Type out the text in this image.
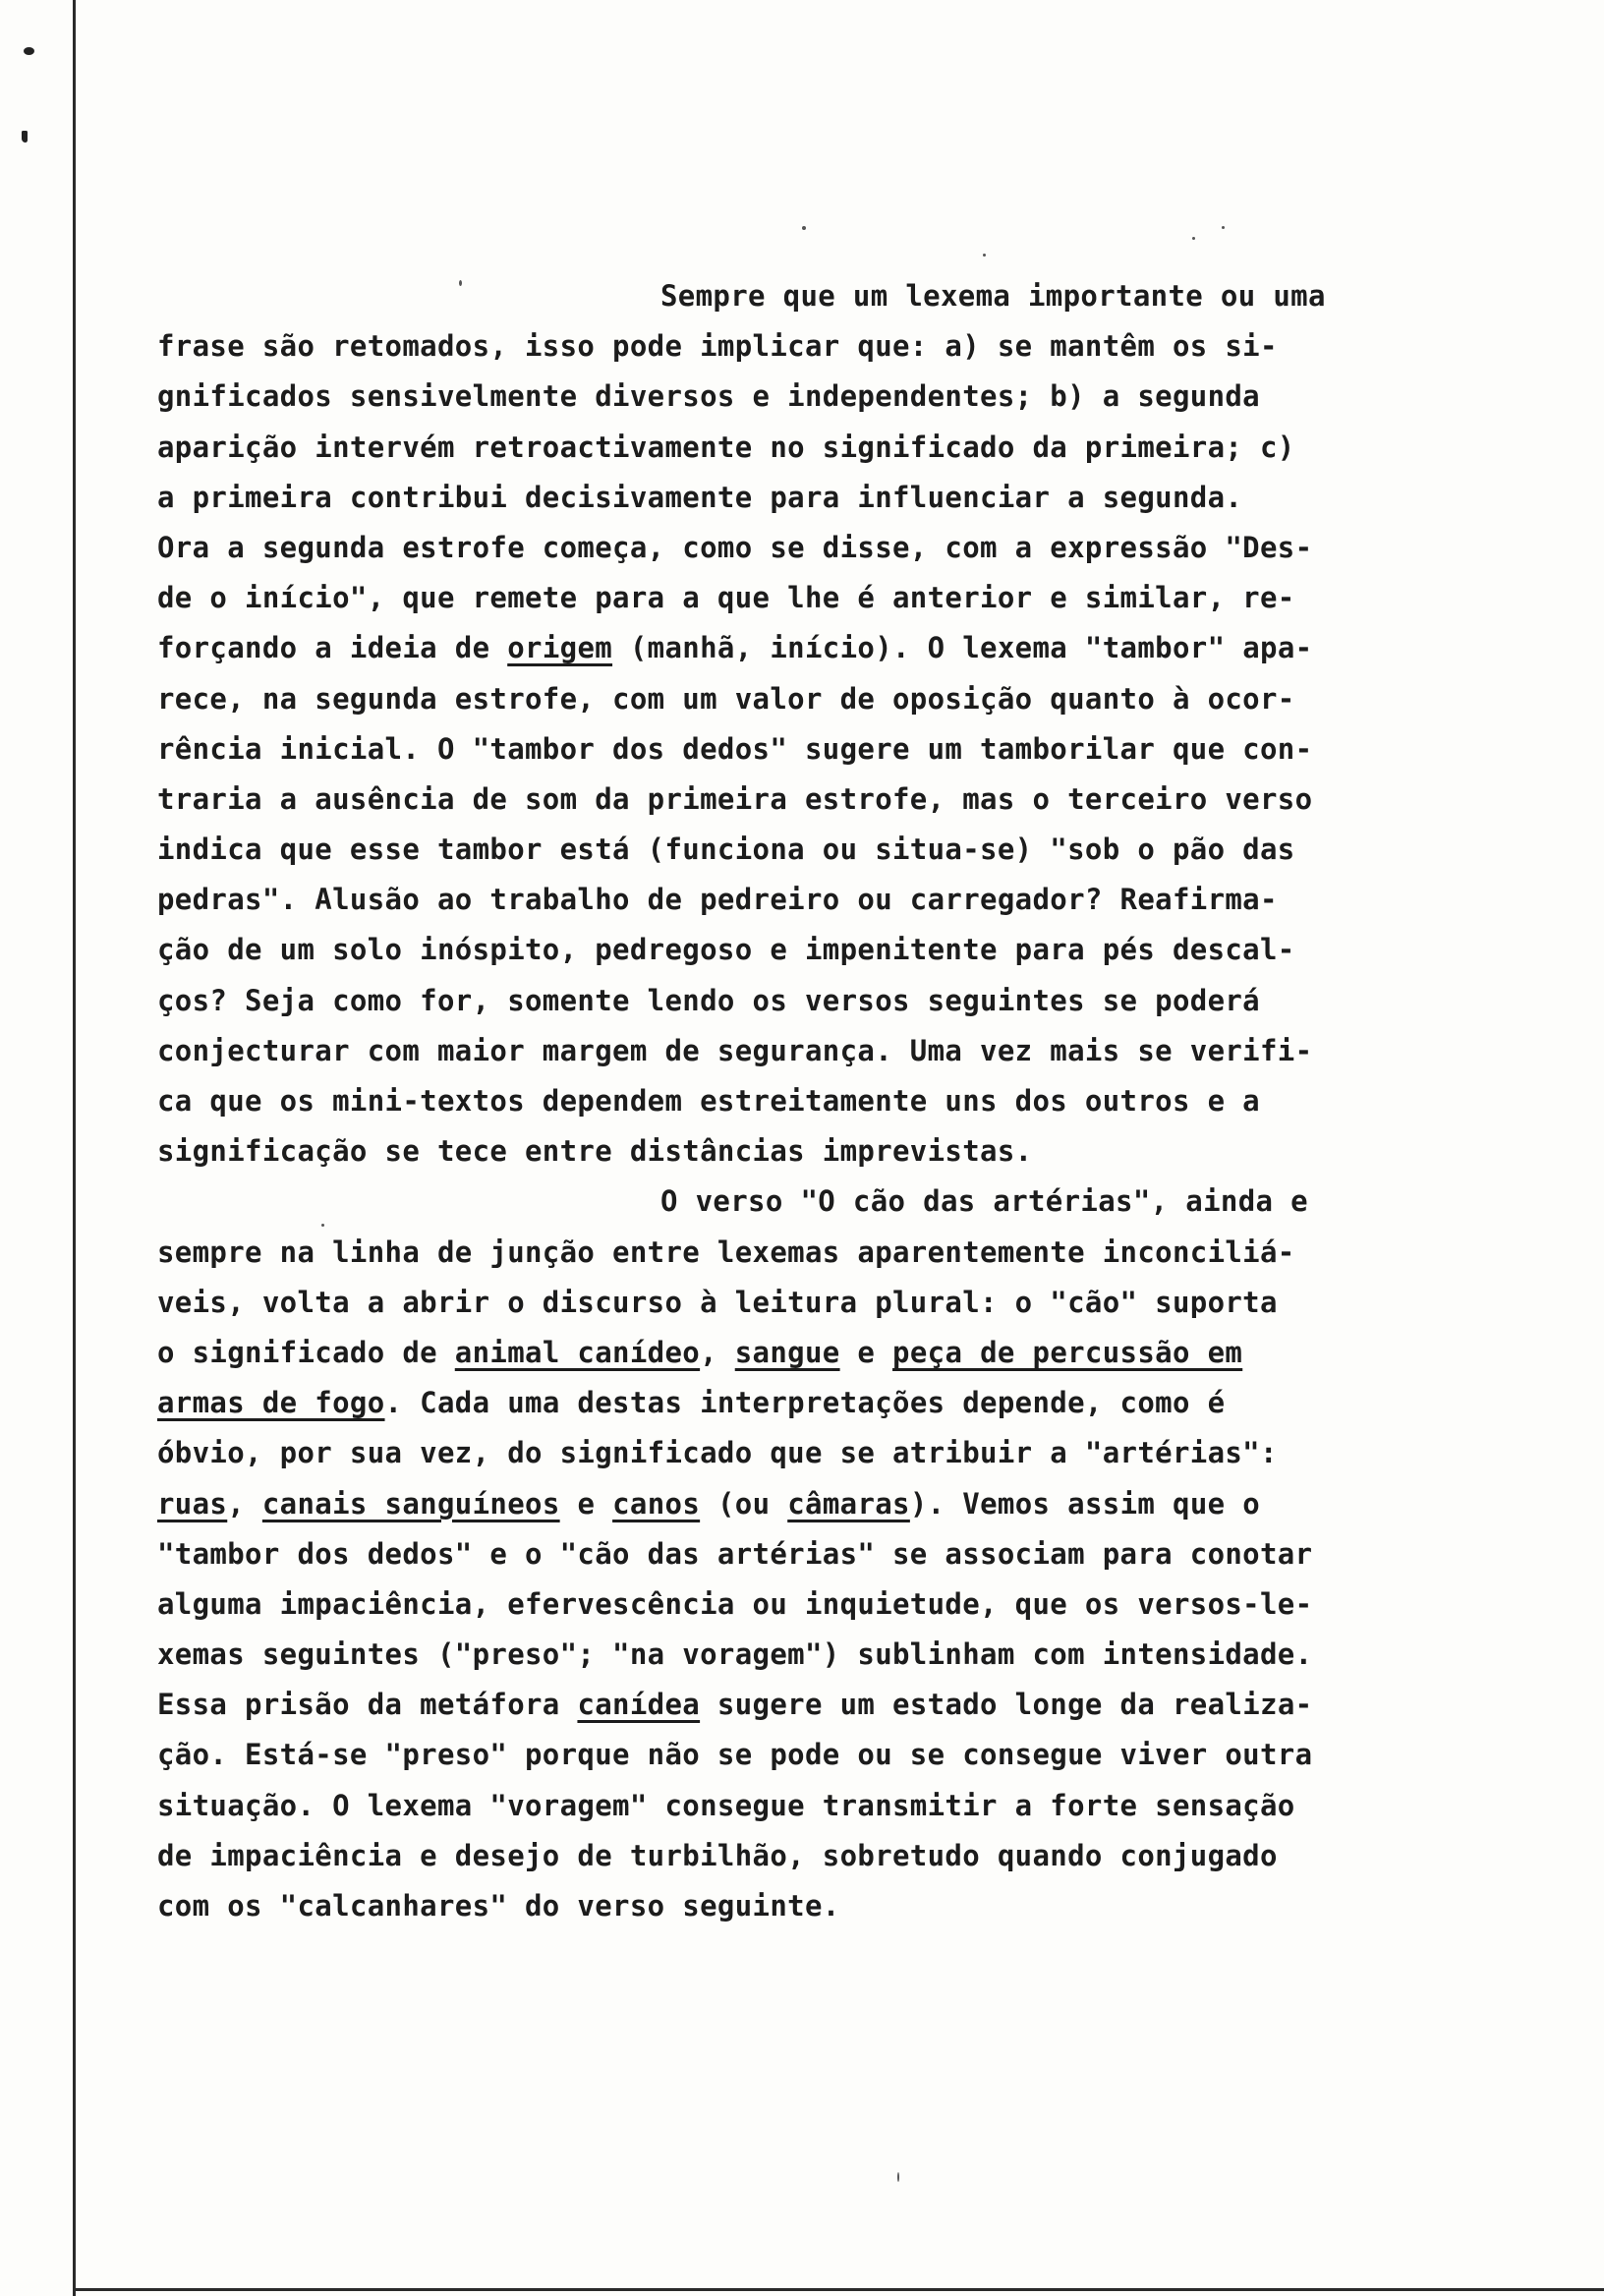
Sempre que um lexema importante ou uma
frase são retomados, isso pode implicar que: a) se mantêm os si-
gnificados sensivelmente diversos e independentes; b) a segunda
aparição intervém retroactivamente no significado da primeira; c)
a primeira contribui decisivamente para influenciar a segunda.
Ora a segunda estrofe começa, como se disse, com a expressão "Des-
de o início", que remete para a que lhe é anterior e similar, re-
forçando a ideia de origem (manhã, início). O lexema "tambor" apa-
rece, na segunda estrofe, com um valor de oposição quanto à ocor-
rência inicial. O "tambor dos dedos" sugere um tamborilar que con-
traria a ausência de som da primeira estrofe, mas o terceiro verso
indica que esse tambor está (funciona ou situa-se) "sob o pão das
pedras". Alusão ao trabalho de pedreiro ou carregador? Reafirma-
ção de um solo inóspito, pedregoso e impenitente para pés descal-
ços? Seja como for, somente lendo os versos seguintes se poderá
conjecturar com maior margem de segurança. Uma vez mais se verifi-
ca que os mini-textos dependem estreitamente uns dos outros e a
significação se tece entre distâncias imprevistas.
O verso "O cão das artérias", ainda e
sempre na linha de junção entre lexemas aparentemente inconciliá-
veis, volta a abrir o discurso à leitura plural: o "cão" suporta
o significado de animal canídeo, sangue e peça de percussão em
armas de fogo. Cada uma destas interpretações depende, como é
óbvio, por sua vez, do significado que se atribuir a "artérias":
ruas, canais sanguíneos e canos (ou câmaras). Vemos assim que o
"tambor dos dedos" e o "cão das artérias" se associam para conotar
alguma impaciência, efervescência ou inquietude, que os versos-le-
xemas seguintes ("preso"; "na voragem") sublinham com intensidade.
Essa prisão da metáfora canídea sugere um estado longe da realiza-
ção. Está-se "preso" porque não se pode ou se consegue viver outra
situação. O lexema "voragem" consegue transmitir a forte sensação
de impaciência e desejo de turbilhão, sobretudo quando conjugado
com os "calcanhares" do verso seguinte.
